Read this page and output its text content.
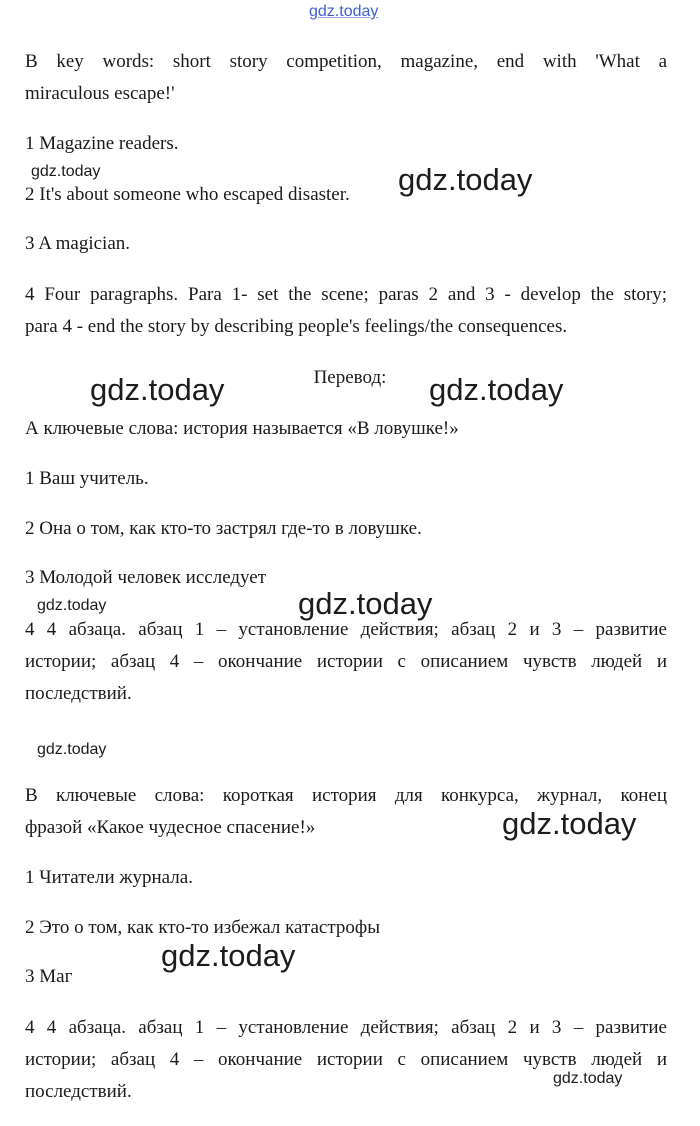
gdz.today
gdz.today	gdz.today
gdz.today	gdz.today
gdz.today	gdz.today
gdz.today
gdz.today
gdz.today
gdz.today

B key words: short story competition, magazine, end with 'What a
miraculous escape!'

1 Magazine readers.

2 It's about someone who escaped disaster.

3 A magician.

4 Four paragraphs. Para 1- set the scene; paras 2 and 3 - develop the story;
para 4 - end the story by describing people's feelings/the consequences.

Перевод:

А ключевые слова: история называется «В ловушке!»

1 Ваш учитель.

2 Она о том, как кто-то застрял где-то в ловушке.

3 Молодой человек исследует

4 4 абзаца. абзац 1 – установление действия; абзац 2 и 3 – развитие
истории; абзац 4 – окончание истории с описанием чувств людей и
последствий.

В ключевые слова: короткая история для конкурса, журнал, конец
фразой «Какое чудесное спасение!»

1 Читатели журнала.

2 Это о том, как кто-то избежал катастрофы

3 Маг

4 4 абзаца. абзац 1 – установление действия; абзац 2 и 3 – развитие
истории; абзац 4 – окончание истории с описанием чувств людей и
последствий.
